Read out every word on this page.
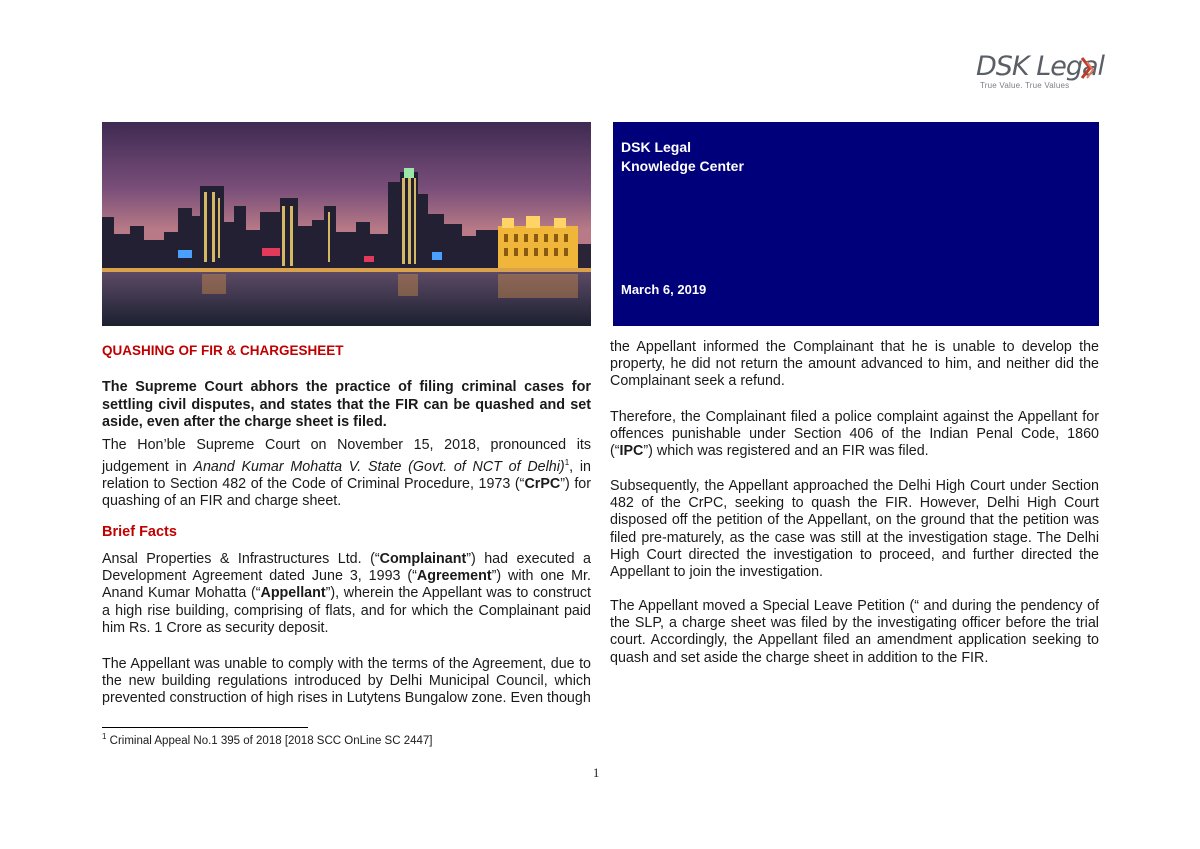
DSK Legal
True Value. True Values
DSK Legal
Knowledge Center
March 6, 2019
QUASHING OF FIR & CHARGESHEET

The Supreme Court abhors the practice of filing criminal cases for settling civil disputes, and states that the FIR can be quashed and set aside, even after the charge sheet is filed.

The Hon’ble Supreme Court on November 15, 2018, pronounced its judgement in Anand Kumar Mohatta V. State (Govt. of NCT of Delhi)$^1$, in relation to Section 482 of the Code of Criminal Procedure, 1973 (“CrPC”) for quashing of an FIR and charge sheet.

Brief Facts

Ansal Properties & Infrastructures Ltd. (“Complainant”) had executed a Development Agreement dated June 3, 1993 (“Agreement”) with one Mr. Anand Kumar Mohatta (“Appellant”), wherein the Appellant was to construct a high rise building, comprising of flats, and for which the Complainant paid him Rs. 1 Crore as security deposit.

The Appellant was unable to comply with the terms of the Agreement, due to the new building regulations introduced by Delhi Municipal Council, which prevented construction of high rises in Lutytens Bungalow zone. Even though

the Appellant informed the Complainant that he is unable to develop the property, he did not return the amount advanced to him, and neither did the Complainant seek a refund.

Therefore, the Complainant filed a police complaint against the Appellant for offences punishable under Section 406 of the Indian Penal Code, 1860 (“IPC”) which was registered and an FIR was filed.

Subsequently, the Appellant approached the Delhi High Court under Section 482 of the CrPC, seeking to quash the FIR. However, Delhi High Court disposed off the petition of the Appellant, on the ground that the petition was filed pre-maturely, as the case was still at the investigation stage. The Delhi High Court directed the investigation to proceed, and further directed the Appellant to join the investigation.

The Appellant moved a Special Leave Petition (“ and during the pendency of the SLP, a charge sheet was filed by the investigating officer before the trial court. Accordingly, the Appellant filed an amendment application seeking to quash and set aside the charge sheet in addition to the FIR.

$^1$ Criminal Appeal No.1 395 of 2018 [2018 SCC OnLine SC 2447]
1
